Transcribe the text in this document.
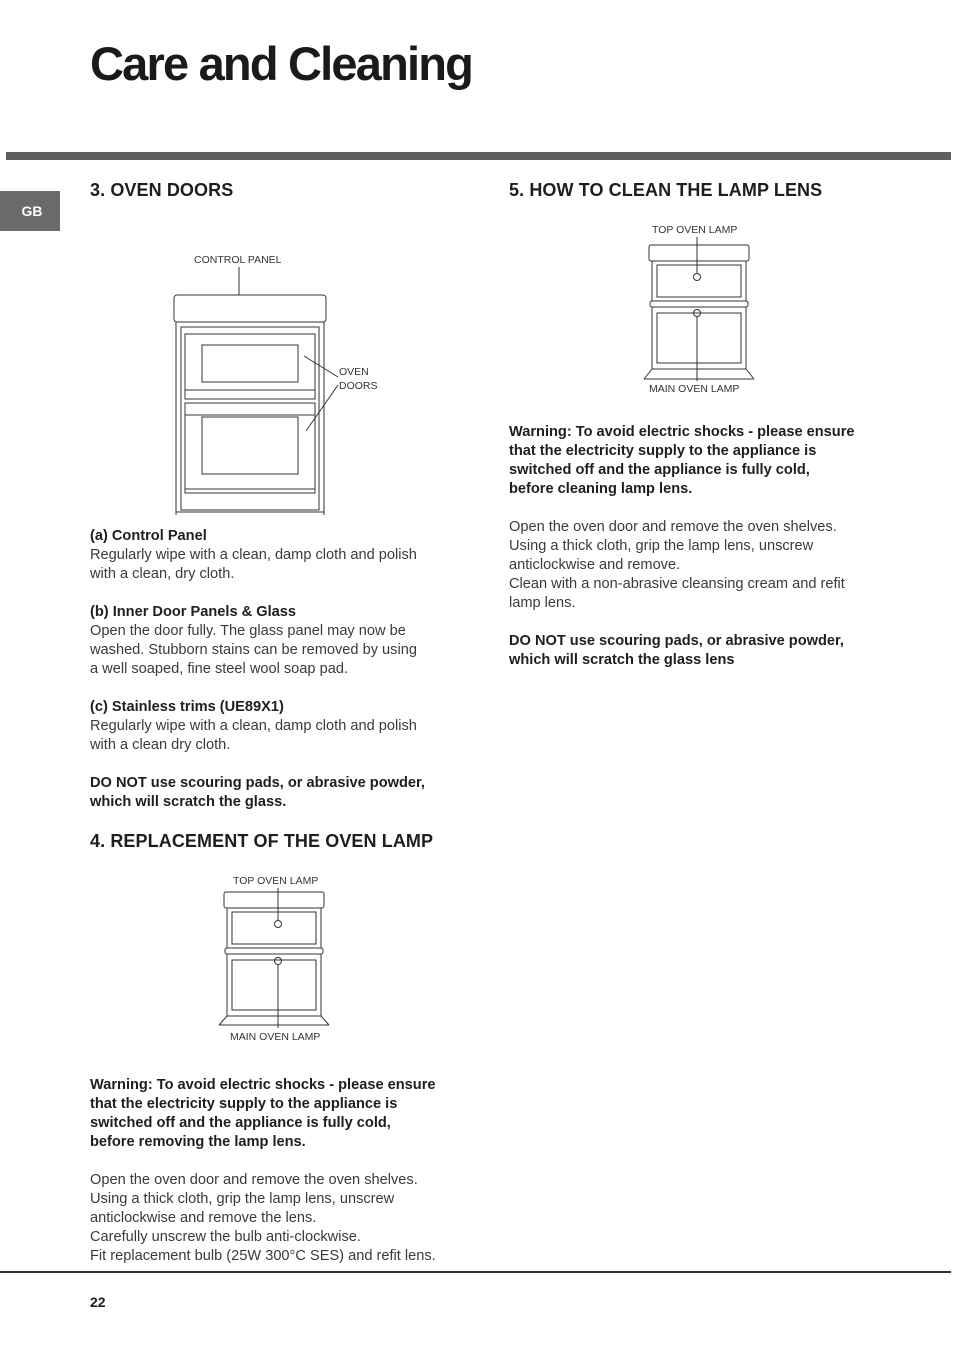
Care and Cleaning
GB
3. OVEN DOORS
CONTROL PANEL
OVEN
DOORS

(a) Control Panel

Regularly wipe with a clean, damp cloth and polish
with a clean, dry cloth.

(b) Inner Door Panels & Glass

Open the door fully. The glass panel may now be
washed. Stubborn stains can be removed by using
a well soaped, fine steel wool soap pad.

(c) Stainless trims (UE89X1)

Regularly wipe with a clean, damp cloth and polish
with a clean dry cloth.

DO NOT use scouring pads, or abrasive powder,
which will scratch the glass.

4. REPLACEMENT OF THE OVEN LAMP
TOP OVEN LAMP
MAIN OVEN LAMP

Warning: To avoid electric shocks - please ensure
that the electricity supply to the appliance is
switched off and the appliance is fully cold,
before removing the lamp lens.

Open the oven door and remove the oven shelves.
Using a thick cloth, grip the lamp lens, unscrew
anticlockwise and remove the lens.
Carefully unscrew the bulb anti-clockwise.
Fit replacement bulb (25W 300°C SES) and refit lens.

5. HOW TO CLEAN THE LAMP LENS
TOP OVEN LAMP
MAIN OVEN LAMP

Warning: To avoid electric shocks - please ensure
that the electricity supply to the appliance is
switched off and the appliance is fully cold,
before cleaning lamp lens.

Open the oven door and remove the oven shelves.
Using a thick cloth, grip the lamp lens, unscrew
anticlockwise and remove.
Clean with a non-abrasive cleansing cream and refit
lamp lens.

DO NOT use scouring pads, or abrasive powder,
which will scratch the glass lens

22
